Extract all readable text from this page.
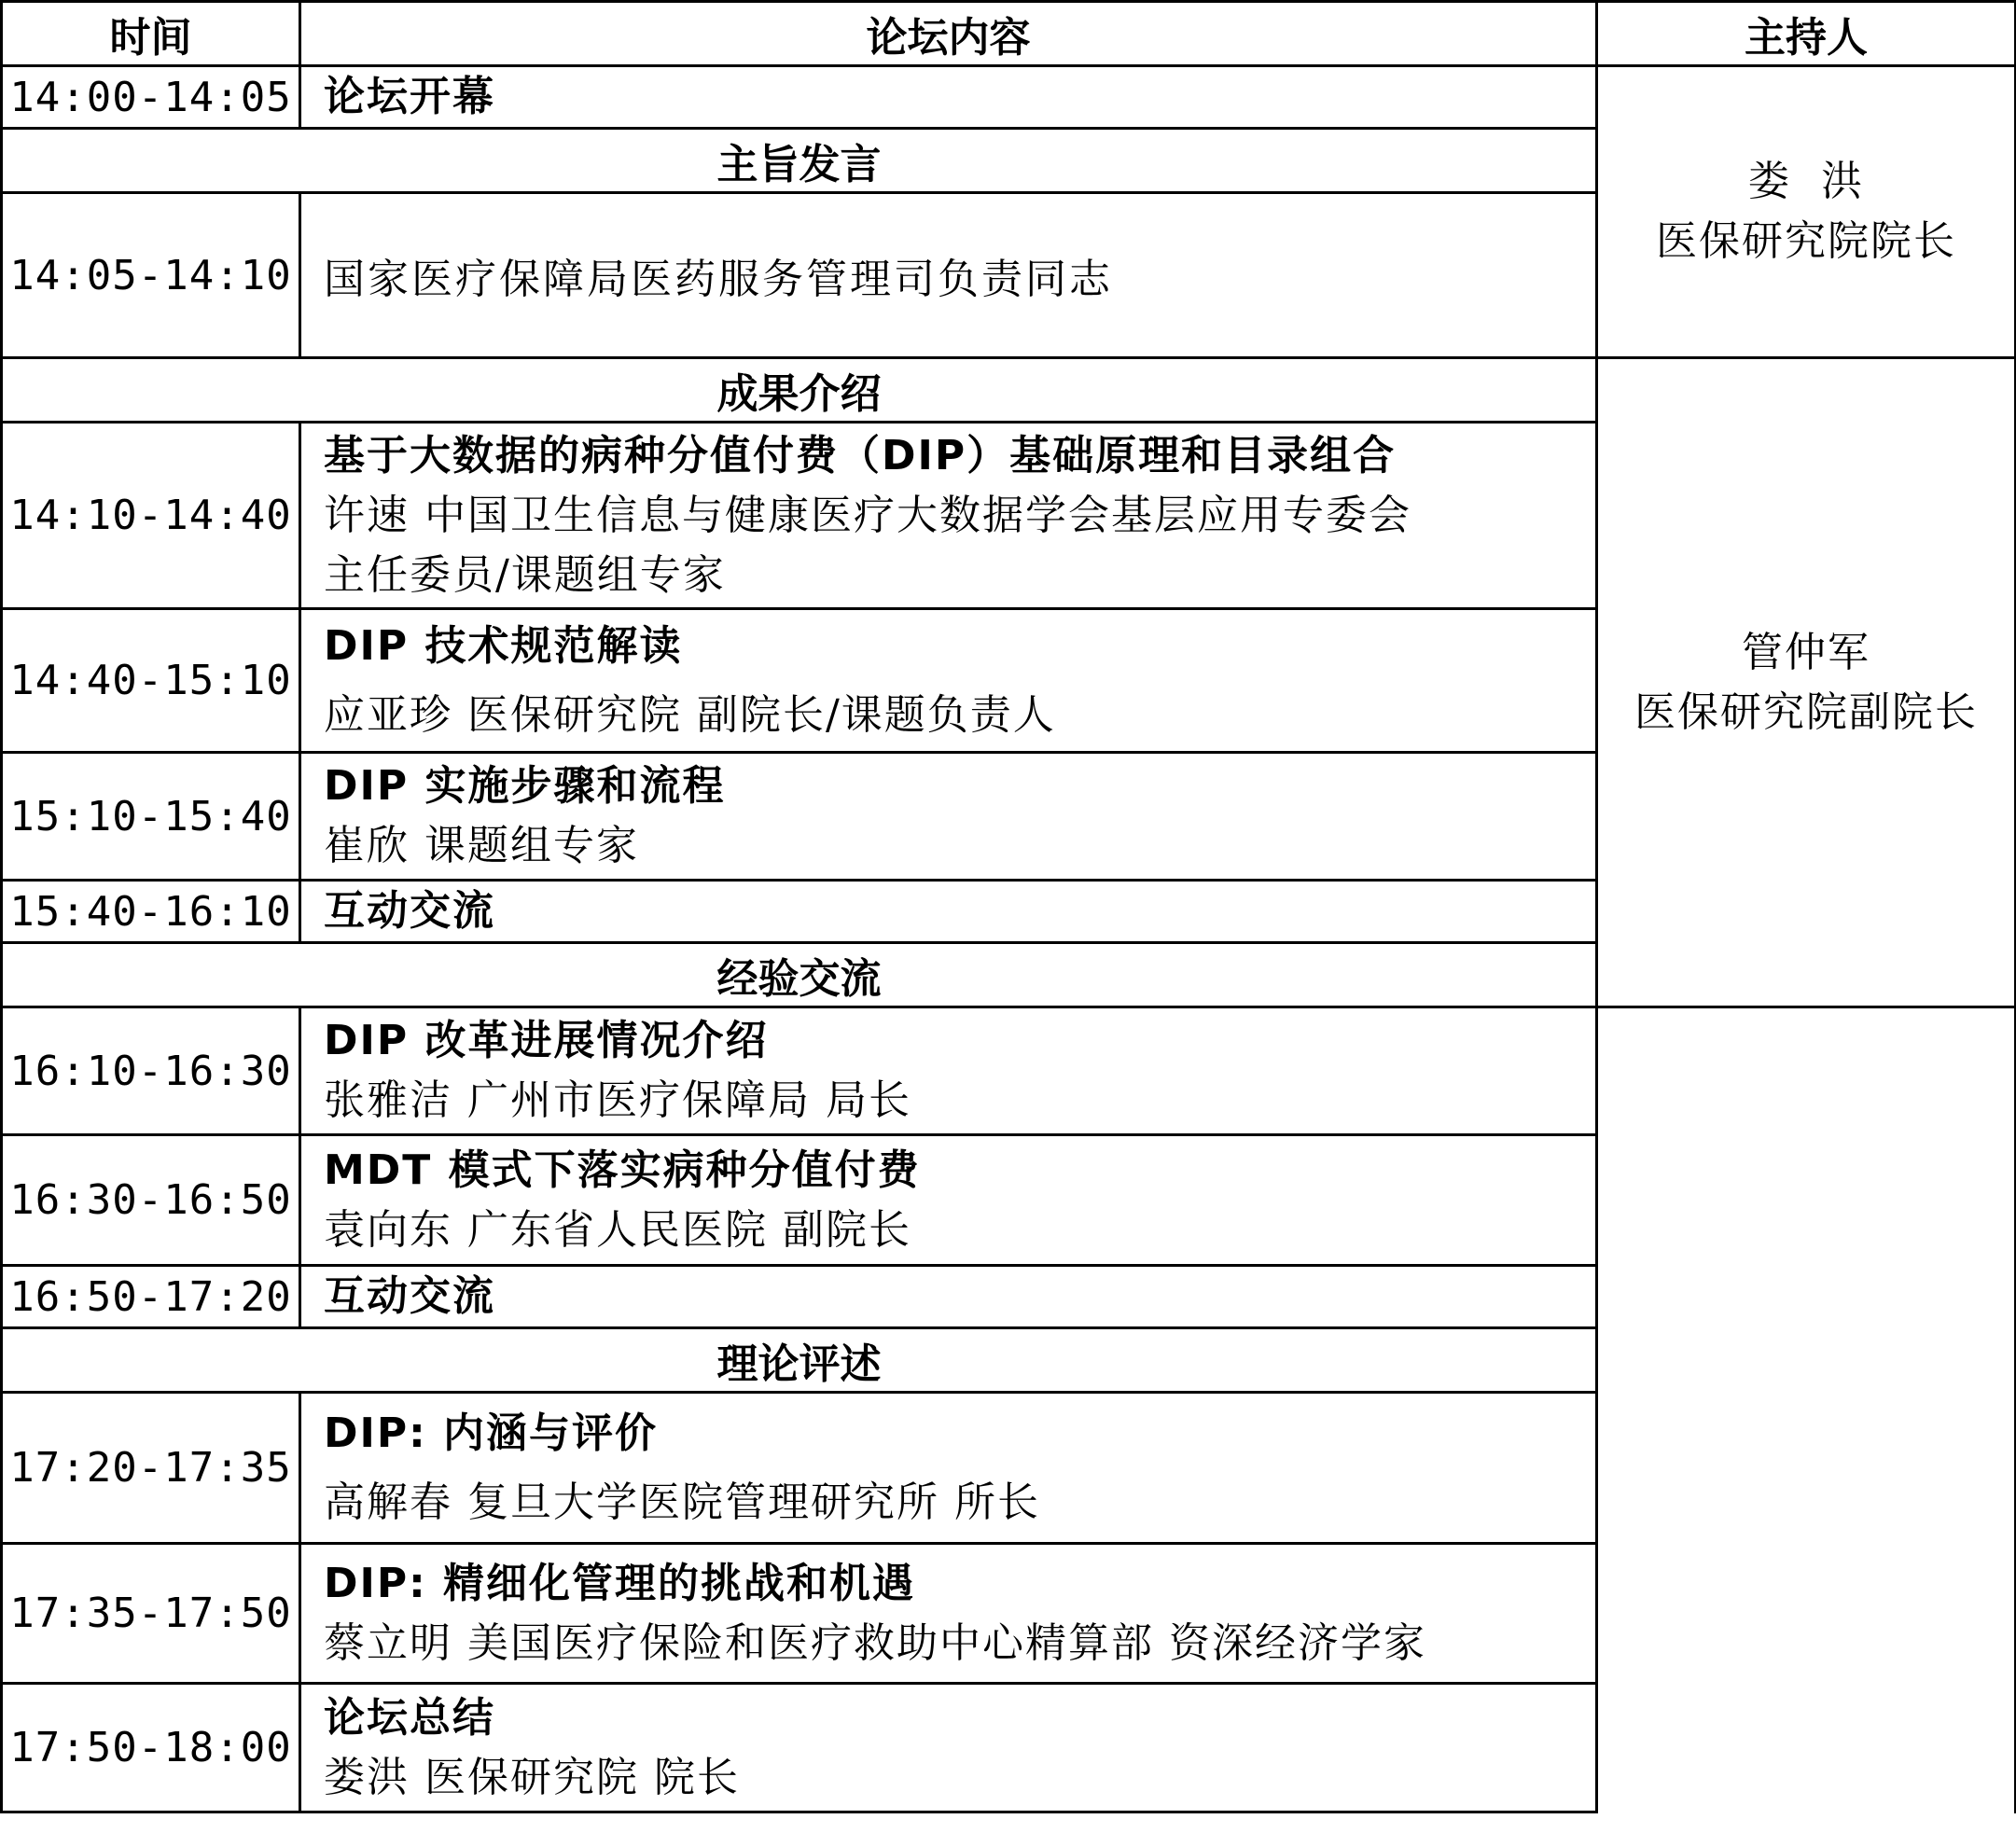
时间	论坛内容	主持人	
14:00-14:05	论坛开幕	娄  洪
医保研究院院长	

主旨发言			
14:05-14:10	国家医疗保障局医药服务管理司负责同志		

成果介绍		管仲军
医保研究院副院长	

14:10-14:40	基于大数据的病种分值付费（DIP）基础原理和目录组合
许速 中国卫生信息与健康医疗大数据学会基层应用专委会
主任委员/课题组专家		

14:40-15:10	DIP 技术规范解读
应亚珍 医保研究院 副院长/课题负责人		

15:10-15:40	DIP 实施步骤和流程
崔欣 课题组专家		

15:40-16:10	互动交流		

经验交流	

16:10-16:30	DIP 改革进展情况介绍
张雅洁 广州市医疗保障局 局长		

16:30-16:50	MDT 模式下落实病种分值付费
袁向东 广东省人民医院 副院长		

16:50-17:20	互动交流		

理论评述			
17:20-17:35	DIP: 内涵与评价
高解春 复旦大学医院管理研究所 所长		

17:35-17:50	DIP: 精细化管理的挑战和机遇
蔡立明 美国医疗保险和医疗救助中心精算部 资深经济学家		

17:50-18:00	论坛总结
娄洪 医保研究院 院长		
